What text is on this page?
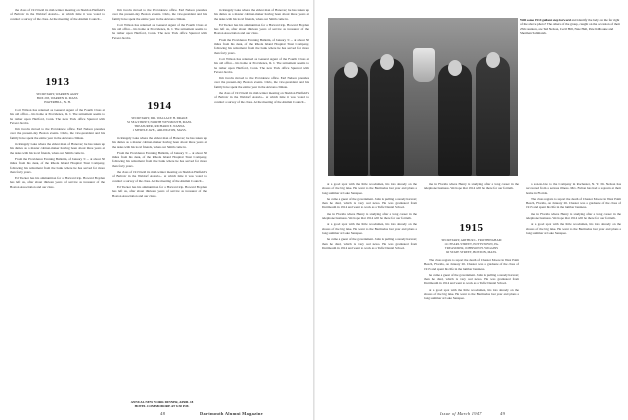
the class of 1913 held its mid-winter meeting on Sheldon Hatfield's of Belvoir in the Waldorf Astoria... at which time it was voted to conduct a survey of the class. At the meeting of the Alumni Council...

1913
SECRETARY, WARREN AGRY
BOX 293, WARREN R. MASS.
HAVERHILL, N. H.

Cort Wilson has returned as General Agent of the Fourth Class at his old office... his home at Providence, R. I. The retirement seems to be rather upon Hartford, Conn. The new York office Spurred with Fevest Jacobs.

Jim Jacobs moved to the Providence office. Earl Nelson presides over the present-day Boston events. Chris, the vice-president and his family have spent the entire year in the Arizona climate.

in Rangely Lake where the eldest man of Hanover; he has taken up his duties as a master cabinet-maker having been about three years at the tasks with his local friends, when our Smith came in.

From the Providence Evening Bulletin, of January 3: ... at about 50 miles from his desk, of the Rhode Island Hospital Trust Company, following his retirement from the bank where he has served for more than forty years.

Ed Tucker has his ammunition for a Harvard trip. Howard Boyden has left us, after about thirteen years of service as treasurer of the Boston Association and our class.

Jim Jacobs moved to the Providence office. Earl Nelson presides over the present-day Boston events. Chris, the vice-president and his family have spent the entire year in the Arizona climate.

Cort Wilson has returned as General Agent of the Fourth Class at his old office... his home at Providence, R. I. The retirement seems to be rather upon Hartford, Conn. The new York office Spurred with Fevest Jacobs.

1914
SECRETARY, DR. WALLACE H. DRAKE
52 SEA STREET, NORTH WEYMOUTH, MASS.
TREASURER, RICHARD E. NANNA
1 MYRTLE AVE., ARLINGTON, MASS.

in Rangely Lake where the eldest man of Hanover; he has taken up his duties as a master cabinet-maker having been about three years at the tasks with his local friends, when our Smith came in.

From the Providence Evening Bulletin, of January 3: ... at about 50 miles from his desk, of the Rhode Island Hospital Trust Company, following his retirement from the bank where he has served for more than forty years.

the class of 1913 held its mid-winter meeting on Sheldon Hatfield's of Belvoir in the Waldorf Astoria... at which time it was voted to conduct a survey of the class. At the meeting of the Alumni Council...

Ed Tucker has his ammunition for a Harvard trip. Howard Boyden has left us, after about thirteen years of service as treasurer of the Boston Association and our class.

ANNUAL NEW YORK DINNER, APRIL 18
HOTEL COMMODORE AT 6:30 P.M.

in Rangely Lake where the eldest man of Hanover; he has taken up his duties as a master cabinet-maker having been about three years at the tasks with his local friends, when our Smith came in.

Ed Tucker has his ammunition for a Harvard trip. Howard Boyden has left us, after about thirteen years of service as treasurer of the Boston Association and our class.

From the Providence Evening Bulletin, of January 3: ... at about 50 miles from his desk, of the Rhode Island Hospital Trust Company, following his retirement from the bank where he has served for more than forty years.

Cort Wilson has returned as General Agent of the Fourth Class at his old office... his home at Providence, R. I. The retirement seems to be rather upon Hartford, Conn. The new York office Spurred with Fevest Jacobs.

Jim Jacobs moved to the Providence office. Earl Nelson presides over the present-day Boston events. Chris, the vice-president and his family have spent the entire year in the Arizona climate.

the class of 1913 held its mid-winter meeting on Sheldon Hatfield's of Belvoir in the Waldorf Astoria... at which time it was voted to conduct a survey of the class. At the meeting of the Alumni Council...

48	Dartmouth Alumni Magazine
Will some 1914 gallant step forward and identify the lady on the far right of the above photo? The others of the group, caught on the occasion of their 25th reunion, are Ted Nelson, Cecil Hill, Nate Hall, Pete Kilboune and Sherman Saltmarsh.

at a good spot with the little woodsmen, his lots already on the shores of the big lake. He went to the Bermudas last year and plans a long summer at Lake Sunapee.

he came a guest of the government. John is pulling a steady harvest; then he died, which is very sad news. He was graduated from Dartmouth in 1914 and went to work as a Tuftz Dental School.

me in Florida where Henry is studying after a long career in the telephone business. We hope that 1914 will be there for our fortieth.

at a good spot with the little woodsmen, his lots already on the shores of the big lake. He went to the Bermudas last year and plans a long summer at Lake Sunapee.

he came a guest of the government. John is pulling a steady harvest; then he died, which is very sad news. He was graduated from Dartmouth in 1914 and went to work as a Tuftz Dental School.

me in Florida where Henry is studying after a long career in the telephone business. We hope that 1914 will be there for our fortieth.

1915
SECRETARY, ARTHUR L. FROTHINGHAM
111 PEARL STREET, POTTSTOWN, PA.
TREASURER, JOHNSON H. WIGGINS
60 STATE STREET, BOSTON, MASS.

The class regrets to report the death of Chester Moore in West Palm Beach, Florida, on January 26. Chester was a graduate of the class of 1915 and spent his life in the lumber business.

he came a guest of the government. John is pulling a steady harvest; then he died, which is very sad news. He was graduated from Dartmouth in 1914 and went to work as a Tuftz Dental School.

at a good spot with the little woodsmen, his lots already on the shores of the big lake. He went to the Bermudas last year and plans a long summer at Lake Sunapee.

a son-in-law to the Company in Rochester, N. Y. Dr. Nelson has recovered from a serious illness. Mrs. Fulton has had a sojourn at their home in Florida.

The class regrets to report the death of Chester Moore in West Palm Beach, Florida, on January 26. Chester was a graduate of the class of 1915 and spent his life in the lumber business.

me in Florida where Henry is studying after a long career in the telephone business. We hope that 1914 will be there for our fortieth.

at a good spot with the little woodsmen, his lots already on the shores of the big lake. He went to the Bermudas last year and plans a long summer at Lake Sunapee.

Issue of March 1947	49
